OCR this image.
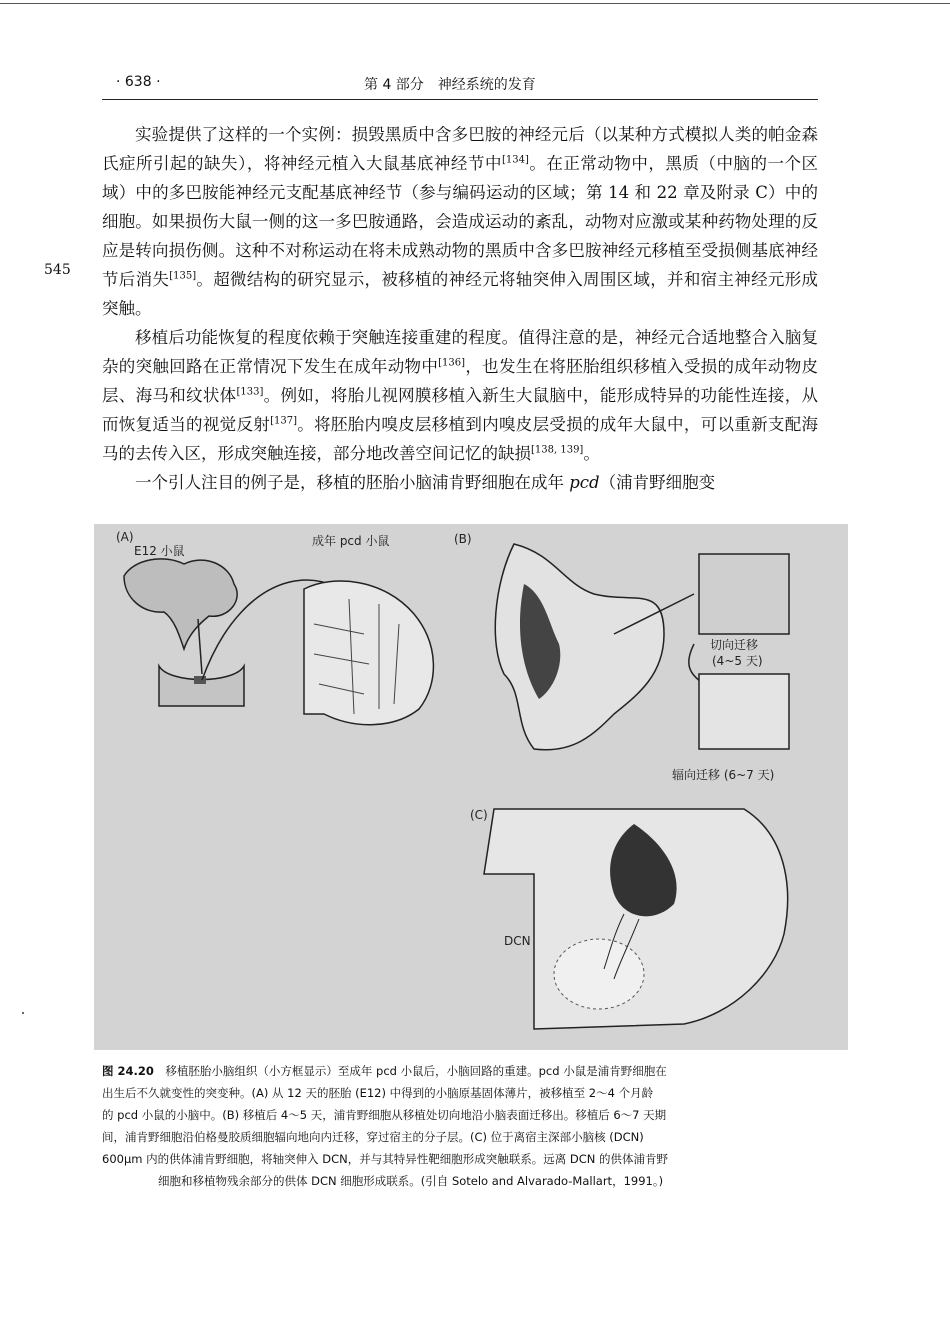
· 638 ·	第 4 部分　神经系统的发育
545

实验提供了这样的一个实例：损毁黑质中含多巴胺的神经元后（以某种方式模拟人类的帕金森氏症所引起的缺失），将神经元植入大鼠基底神经节中[134]。在正常动物中，黑质（中脑的一个区域）中的多巴胺能神经元支配基底神经节（参与编码运动的区域；第 14 和 22 章及附录 C）中的细胞。如果损伤大鼠一侧的这一多巴胺通路，会造成运动的紊乱，动物对应激或某种药物处理的反应是转向损伤侧。这种不对称运动在将未成熟动物的黑质中含多巴胺神经元移植至受损侧基底神经节后消失[135]。超微结构的研究显示，被移植的神经元将轴突伸入周围区域，并和宿主神经元形成突触。

移植后功能恢复的程度依赖于突触连接重建的程度。值得注意的是，神经元合适地整合入脑复杂的突触回路在正常情况下发生在成年动物中[136]，也发生在将胚胎组织移植入受损的成年动物皮层、海马和纹状体[133]。例如，将胎儿视网膜移植入新生大鼠脑中，能形成特异的功能性连接，从而恢复适当的视觉反射[137]。将胚胎内嗅皮层移植到内嗅皮层受损的成年大鼠中，可以重新支配海马的去传入区，形成突触连接，部分地改善空间记忆的缺损[138, 139]。

一个引人注目的例子是，移植的胚胎小脑浦肯野细胞在成年 pcd（浦肯野细胞变

(A)
E12 小鼠
成年 pcd 小鼠	(B)
切向迁移
(4~5 天)
辐向迁移 (6~7 天)
(C)
DCN
图 24.20　移植胚胎小脑组织（小方框显示）至成年 pcd 小鼠后，小脑回路的重建。pcd 小鼠是浦肯野细胞在
出生后不久就变性的突变种。(A) 从 12 天的胚胎 (E12) 中得到的小脑原基固体薄片，被移植至 2～4 个月龄
的 pcd 小鼠的小脑中。(B) 移植后 4～5 天，浦肯野细胞从移植处切向地沿小脑表面迁移出。移植后 6～7 天期
间，浦肯野细胞沿伯格曼胶质细胞辐向地向内迁移，穿过宿主的分子层。(C) 位于离宿主深部小脑核 (DCN)
600μm 内的供体浦肯野细胞，将轴突伸入 DCN，并与其特异性靶细胞形成突触联系。远离 DCN 的供体浦肯野
细胞和移植物残余部分的供体 DCN 细胞形成联系。(引自 Sotelo and Alvarado-Mallart，1991。)
